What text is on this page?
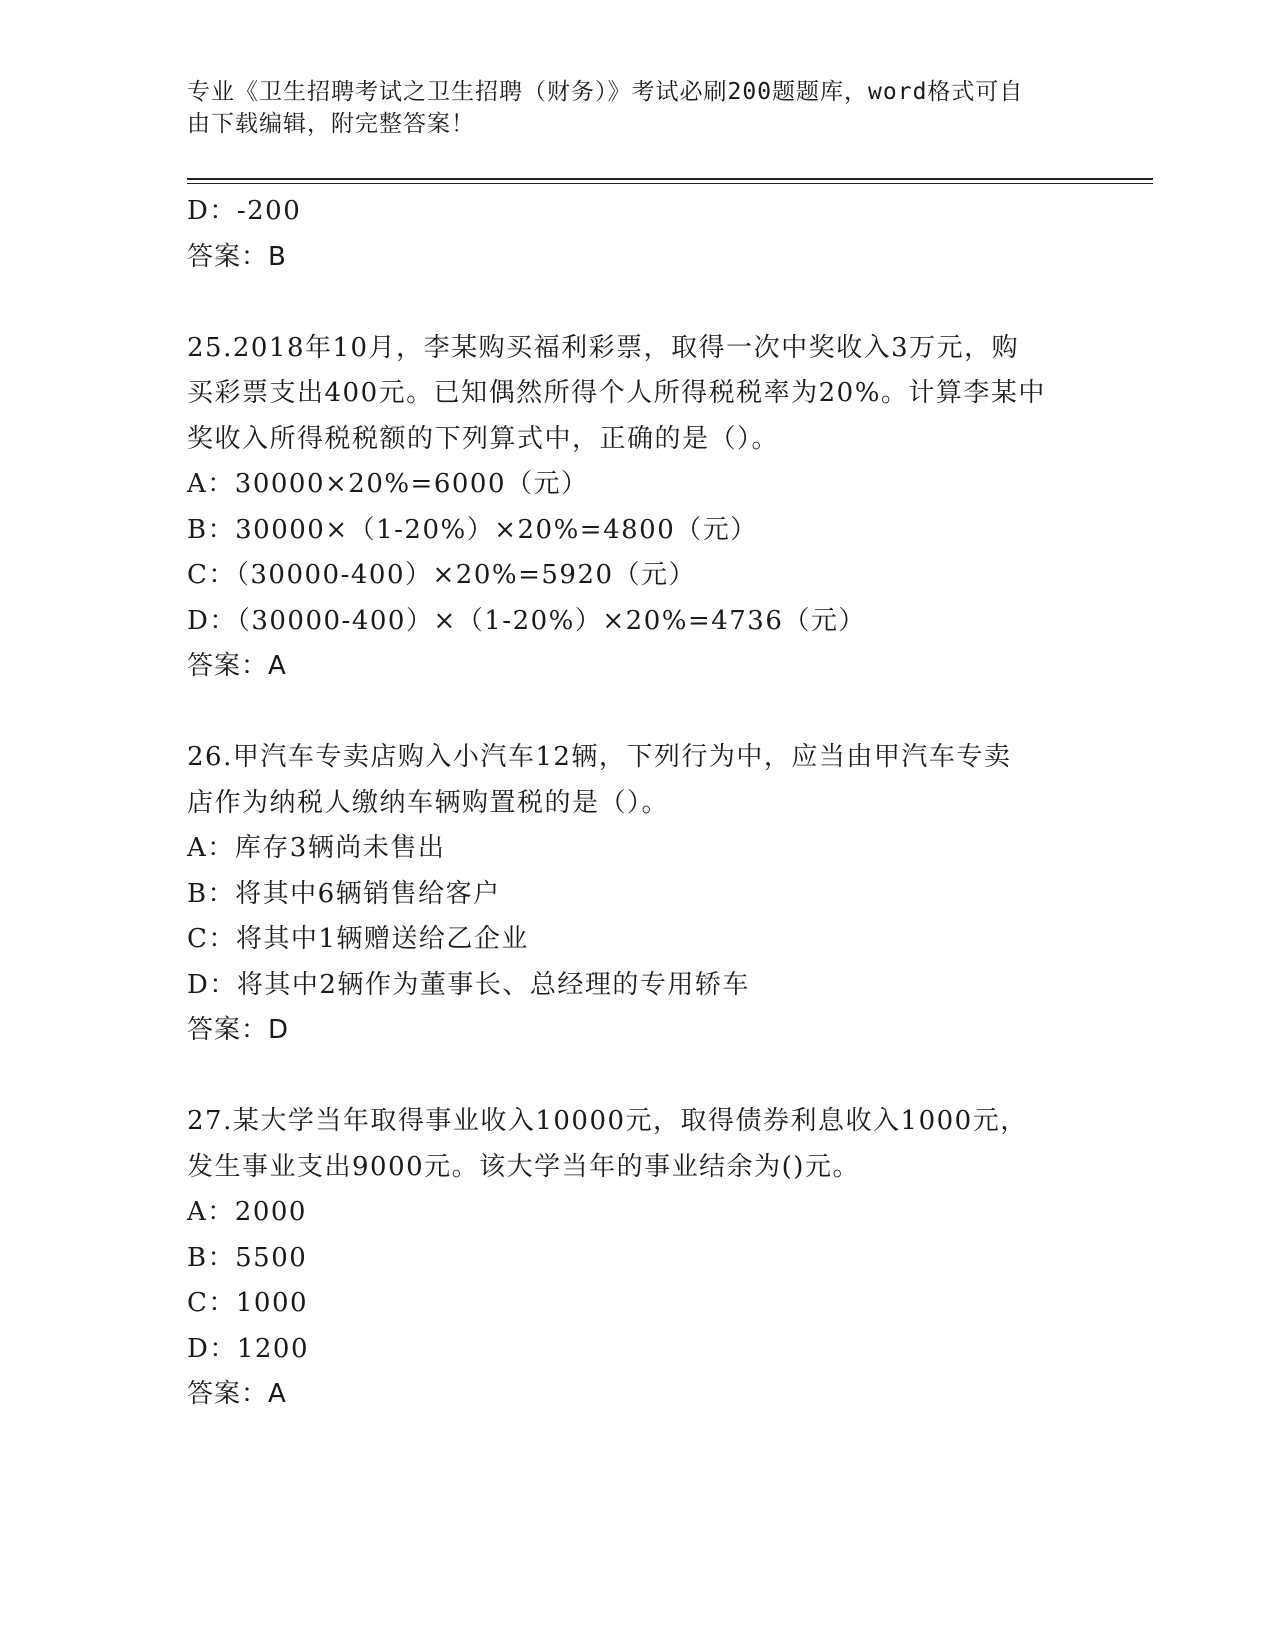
专业《卫生招聘考试之卫生招聘（财务）》考试必刷200题题库，word格式可自
由下载编辑，附完整答案！
D：-200
答案：B
25.2018年10月，李某购买福利彩票，取得一次中奖收入3万元，购
买彩票支出400元。已知偶然所得个人所得税税率为20%。计算李某中
奖收入所得税税额的下列算式中，正确的是（）。
A：30000×20%=6000（元）
B：30000×（1-20%）×20%=4800（元）
C：（30000-400）×20%=5920（元）
D：（30000-400）×（1-20%）×20%=4736（元）
答案：A
26.甲汽车专卖店购入小汽车12辆，下列行为中，应当由甲汽车专卖
店作为纳税人缴纳车辆购置税的是（）。
A：库存3辆尚未售出
B：将其中6辆销售给客户
C：将其中1辆赠送给乙企业
D：将其中2辆作为董事长、总经理的专用轿车
答案：D
27.某大学当年取得事业收入10000元，取得债券利息收入1000元，
发生事业支出9000元。该大学当年的事业结余为()元。
A：2000
B：5500
C：1000
D：1200
答案：A
